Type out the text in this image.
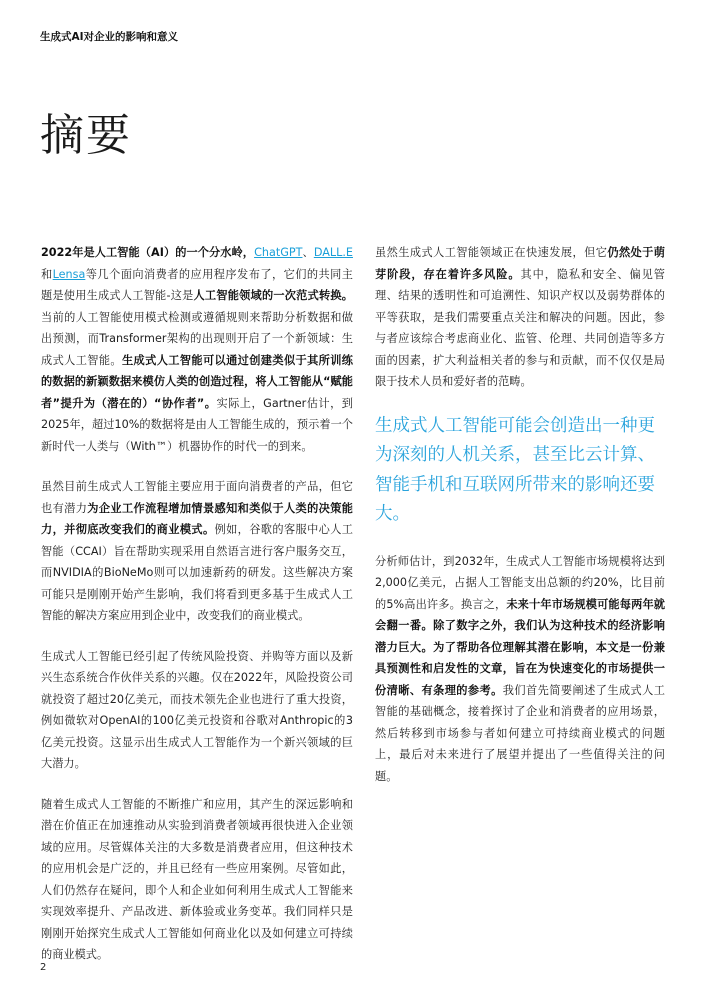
生成式AI对企业的影响和意义
摘要

2022年是人工智能（AI）的一个分水岭，ChatGPT、DALL.E和Lensa等几个面向消费者的应用程序发布了，它们的共同主题是使用生成式人工智能-这是人工智能领域的一次范式转换。当前的人工智能使用模式检测或遵循规则来帮助分析数据和做出预测，而Transformer架构的出现则开启了一个新领域：生成式人工智能。生成式人工智能可以通过创建类似于其所训练的数据的新颖数据来模仿人类的创造过程，将人工智能从“赋能者”提升为（潜在的）“协作者”。实际上，Gartner估计，到2025年，超过10%的数据将是由人工智能生成的，预示着一个新时代一人类与（With™）机器协作的时代一的到来。

虽然目前生成式人工智能主要应用于面向消费者的产品，但它也有潜力为企业工作流程增加情景感知和类似于人类的决策能力，并彻底改变我们的商业模式。例如，谷歌的客服中心人工智能（CCAI）旨在帮助实现采用自然语言进行客户服务交互，而NVIDIA的BioNeMo则可以加速新药的研发。这些解决方案可能只是刚刚开始产生影响，我们将看到更多基于生成式人工智能的解决方案应用到企业中，改变我们的商业模式。

生成式人工智能已经引起了传统风险投资、并购等方面以及新兴生态系统合作伙伴关系的兴趣。仅在2022年，风险投资公司就投资了超过20亿美元，而技术领先企业也进行了重大投资，例如微软对OpenAI的100亿美元投资和谷歌对Anthropic的3亿美元投资。这显示出生成式人工智能作为一个新兴领域的巨大潜力。

随着生成式人工智能的不断推广和应用，其产生的深远影响和潜在价值正在加速推动从实验到消费者领域再很快进入企业领域的应用。尽管媒体关注的大多数是消费者应用，但这种技术的应用机会是广泛的，并且已经有一些应用案例。尽管如此，人们仍然存在疑问，即个人和企业如何利用生成式人工智能来实现效率提升、产品改进、新体验或业务变革。我们同样只是刚刚开始探究生成式人工智能如何商业化以及如何建立可持续的商业模式。

虽然生成式人工智能领域正在快速发展，但它仍然处于萌芽阶段，存在着许多风险。其中，隐私和安全、偏见管理、结果的透明性和可追溯性、知识产权以及弱势群体的平等获取，是我们需要重点关注和解决的问题。因此，参与者应该综合考虑商业化、监管、伦理、共同创造等多方面的因素，扩大利益相关者的参与和贡献，而不仅仅是局限于技术人员和爱好者的范畴。

生成式人工智能可能会创造出一种更为深刻的人机关系，甚至比云计算、智能手机和互联网所带来的影响还要大。

分析师估计，到2032年，生成式人工智能市场规模将达到2,000亿美元，占据人工智能支出总额的约20%，比目前的5%高出许多。换言之，未来十年市场规模可能每两年就会翻一番。除了数字之外，我们认为这种技术的经济影响潜力巨大。为了帮助各位理解其潜在影响，本文是一份兼具预测性和启发性的文章，旨在为快速变化的市场提供一份清晰、有条理的参考。我们首先简要阐述了生成式人工智能的基础概念，接着探讨了企业和消费者的应用场景，然后转移到市场参与者如何建立可持续商业模式的问题上，最后对未来进行了展望并提出了一些值得关注的问题。

2
